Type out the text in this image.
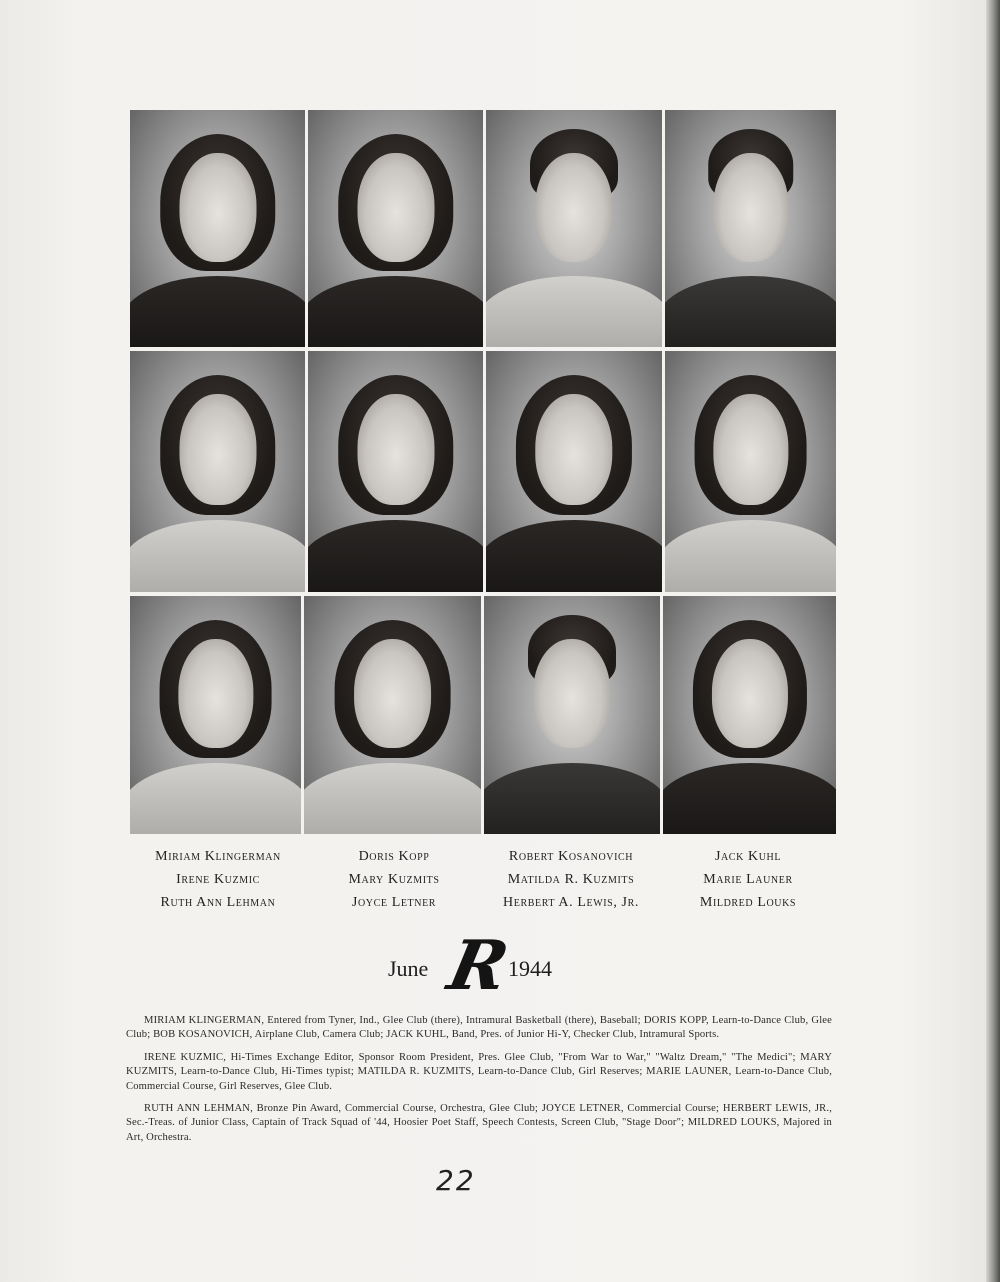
Miriam Klingerman
Irene Kuzmic
Ruth Ann Lehman
Doris Kopp
Mary Kuzmits
Joyce Letner
Robert Kosanovich
Matilda R. Kuzmits
Herbert A. Lewis, Jr.
Jack Kuhl
Marie Launer
Mildred Louks
June R
1944

MIRIAM KLINGERMAN, Entered from Tyner, Ind., Glee Club (there), Intramural Basketball (there), Baseball; DORIS KOPP, Learn-to-Dance Club, Glee Club; BOB KOSANOVICH, Airplane Club, Camera Club; JACK KUHL, Band, Pres. of Junior Hi-Y, Checker Club, Intramural Sports.

IRENE KUZMIC, Hi-Times Exchange Editor, Sponsor Room President, Pres. Glee Club, "From War to War," "Waltz Dream," "The Medici"; MARY KUZMITS, Learn-to-Dance Club, Hi-Times typist; MATILDA R. KUZMITS, Learn-to-Dance Club, Girl Reserves; MARIE LAUNER, Learn-to-Dance Club, Commercial Course, Girl Reserves, Glee Club.

RUTH ANN LEHMAN, Bronze Pin Award, Commercial Course, Orchestra, Glee Club; JOYCE LETNER, Commercial Course; HERBERT LEWIS, JR., Sec.-Treas. of Junior Class, Captain of Track Squad of '44, Hoosier Poet Staff, Speech Contests, Screen Club, "Stage Door"; MILDRED LOUKS, Majored in Art, Orchestra.

22
